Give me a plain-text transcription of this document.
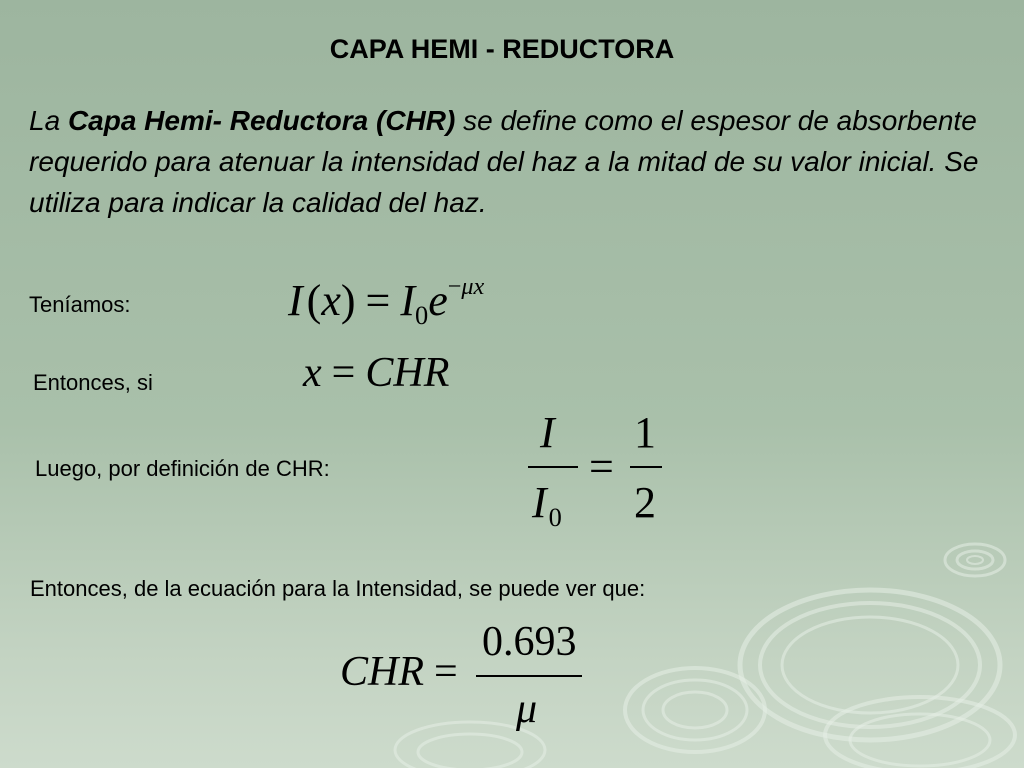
CAPA HEMI - REDUCTORA
La Capa Hemi- Reductora (CHR) se define como el espesor de absorbente requerido para atenuar la intensidad del haz a la mitad de su valor inicial. Se utiliza para indicar la calidad del haz.
Teníamos:	$I(x) = I_0e^{-\mu x}$
Entonces, si	x = CHR
Luego, por definición de CHR:
I
$I_0$
=
1
2
Entonces, de la ecuación para la Intensidad, se puede ver que:
CHR =
0.693
μ
